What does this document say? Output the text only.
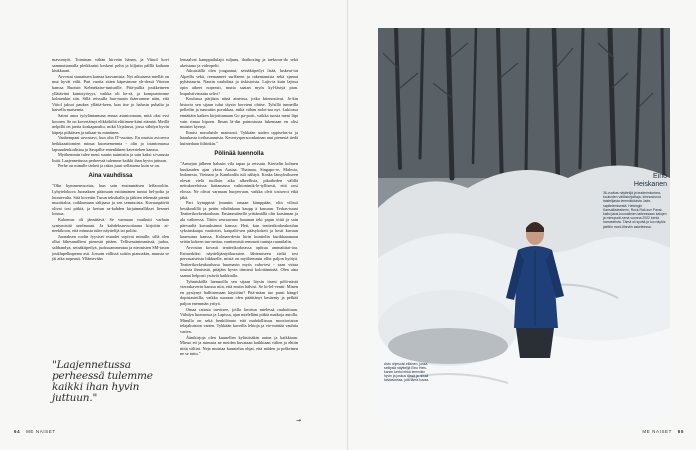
mavomyöt. Toiminan vähän hirveän hänen, ja Viinol kovi sammuttamalla pleikkarini keskeni pelin ja kiljutin pälllä kaihaan kiukkuani.

Arvostat siunattuen kanssa kasvamista. Nyt aikuisena mielläi on mut hyvät välit. Pari vuotta sitten käpesimme yh-dessä Viinton kanssa Ruotsin Kebnekaise-tunturille. Pitä-pullia joukkeineen yllätävänt kuntotyöryys, vaikka oli ke-sä, ja kompuroimme kolmenkin siin. Sillä reissulla huo-masin ikäeromme näin, että Viitol jaksoi paukea yllättä-keen, kun itse jo halusin puhalta ja kaivella maisemia.

Saimi anoa työyläntamuna ennaa asuntoonaan, mitä oksi essi koonen. Se on kovertäinyt elikkökiliä elittimen-kiini eiämää. Meillä nelpillä on jaetta koskaparuliu, mikä Urjalassa, jossa vähdyn hyvin käpeja pitkiäsen ja taikaat-tu mäntinen.

Vanhempani arvostavt, kun olin IT-vuottas. En muista avioerva heikkaaattomien minua kuomemennia - olin jo irtantomassa lapsuudenkodistaa ja Sasqallie entenläinen kaverieken kanssa.

Myöhemmin tulee meni suurin naimisiin ja sain kaksi si-sarusta lisää. Laajennettussa perheessä tulemme kaikki ihan hyvin juttuun.

Perhe on minulle tärkeä ja rakas juuri sellaisena kuin se on.

Aina vauhdissa

"Olin kymmenvuotias, kun sain ensimmäisen leffarooliin. Lyhytelokuva Juonaksen pääosaan esittämänen tuntui hel-polta ja luontevalta. Sitä kovettin Turun teksikalla ja jätkien tekemää pientä muottialoa, roikkumaan sälijaasa ja sen semmoista. Kuvauspäivät olivat tosi pitkiä, ja kertun sa-kahden kirjainmallikset liesmet loistua.

Kokemus oli jännittävä. Se varmaan vaaikutti varhain syntymisitä unelmaani. Ja kahdeksasvuotiaana kirjoitin ai-neekikoon, että minusta tulee näyttelijä tai poliisi.

Juonaksen roolin fyysiset osuudet sopivat minulle, sillä olen ollut lähesamilleni pienestä pitäen. Tellisessänimmässä, judoa, salibandya, seinäkiipeilyä, juoksuammeataa ja nieonisten SM-tason jouklupelkupeam asti. Jossain vällissä soittin pianoakin, muusta se jäi aika nopeasti. Ylläntevään

"Laajennetussa perheessä tulemme kaikki ihan hyvin juttuun."

lemaalvat kamppailulajit tuljunu, thaiboxing ja taekwon-do sekä akeistano ja videopelit.

Aikuisiällä olen jougaanut, seinäkiipeilyt lisää, laskeut-tut Alpeilla sekä, reenanneet surffaeen ja rakentamista sekä sjamat pyhäsiaurin. Nautin vauhdista ja tiskistoista. Lajis-ta kuin lajissa opin aikeet nopeasti, mutta saatan myös kyl-lästyä pian. Impulsiivisuutta selivi!

Koulussa pärjäsin niinä aineissa, jotka kiinnostivat. Jo-kin historia sen sijaan tulut täysin korvieni ohitse. Tylsillä tunneilla pelleilin ja naurattin porukkaa, mikä vähän nolot-taa nyt. Lukiossa ennättäin kaiken kirjoittamaan Go pa-porit, vaikka tuosia meni läpi vain rimaa hipoen. Ilman lä-din painostusta lukemaan en olisi muistet kyenyt.

Ihmisi norraluisle mainiosti. Tykkään uuden oppiselus-ta ja haaukasta toribasaamista. Kesertyspersoonkuinan ami pienestä tiedä kuintedaan fiiltinkin."

Pölinää luennolla

"Armejan jälkeen halusin vila tapaa ja reissata. Kiertelin kolmen kuukauden ajan yksin Aasiaa. Thaimaa, Singapo-re, Malesia, Indonesia, Vietnam ja Kambodža tuli nähtyä. Koska länsyksikseen olevat vielä tuolloin aika alkeellisia, pikaiheden välillä nettukaveloissa liattamassa vaihtonimik-le-tyllisesti, että oosi elossa. Ne olivat varmaan huojen-aan, vaikka olvit tosiserot eikä jäkä.

Pari kymppinä (muutin omaan kämppään, olin vilissä kesäkoulillä ja pettin vihdinkaan kaupp ä kassaan. Terkas-tuuni Teatterikorkeakouluun. Ensimmäisellä yrittämällä olin karsinnan ja ala vaiheessa. Tätön seuraavana haaunan teki pajun töitä ja sain päevaaliä kuvauksimut kanssa. Heti, kun teatterikorkeakoulun syksiuskaapa vaatiottei, kaupalit-sen pääsykokeit ja kesti kuvaan kaaesuma kanssa. Kolman-desta kirin kuntiolin kurikkaaanaan seiäin kokeen tuo-neitaa, vanttemistä remmott tuntuja raamilalin.

Arvostan kovasti teatterikorkeassa opittua ammattitai-toa. Esimerkiksi näyttelijäntyökurssien lähtemiseen sieltä tosi pervasaiseista liikkuelle, mistä on myöhemmin ollut paljon hyötyä. Teatterikorkeakoulussa huomasin myös vaha-tesi - saan virtaa toisista ihmisistä, pitäjäin hyvin tiimissä kolottäminää. Olen aina saanut helposti ystäviä kaikkialla.

Tyhmiskällä luennoilla sen sijaan löysin itseni pölö-nästä vieraskaverin kanssa niin, että ensiin hälvisi. Se ki-lel-ventti. Minen en pystynyt hallitsemaan käyttöini? Pitä-mäan tuo paasi kängrl dopistasinilla, vaikka suoraan olen pääittänyt kesäenty ja pelkää paljon enemmän yrityä.

Omaa ratusta tarvitsee, joilla lavotun mielessä rauhoittuan. Viihdyn luonnossa ja Lapissa, ajan mielelläni pitkiä matkoja autolla. Minulla on sekä henkilöauto että mahdollisuus moottoriaton telajakuiston varten. Tykkään kaveilla lehtoja ja vie-mättää vauhtia varten.

Äänikirjoja olen kuunellen kyläsiisäkin auton ja kaikkiaan. Mieuo ett ja minusta ne meiden kuvataan kaikkiaan välien ja ehtiin niitä väliini. Neja muistaa kuuntelua ohjat, että näiden ja polkeinen ne se tuttu."

→
64 ME NAISET	ME NAISET 65
Eino
Heiskanen
36-vuotias näyttelijä ja teatterinkorkea-kouluiden väitöskirjoittaja, kiinnostunut taistelijasta lemmikkiloista Jade-sapitelemisestä. Helsingin Kansallisteatterin, Rock-Rail-sun Pavai-kalisi jaksi-koonaiksen taiteessaan kalojen ja miespuoli-sena vuonna 2002 kertoi harrasteista. Tämä oli syvää ja tuo näytös jaettiin moni-tiheviin askeleessa.
Asto ohjesoisi eiläinen, jossa selitysiä näyttelijä Eino Heis-kanen kertoi ehkä lemmikin hyvin ja joskus tässä ja niissä talviasioissa, jota tämä kuvaa.
